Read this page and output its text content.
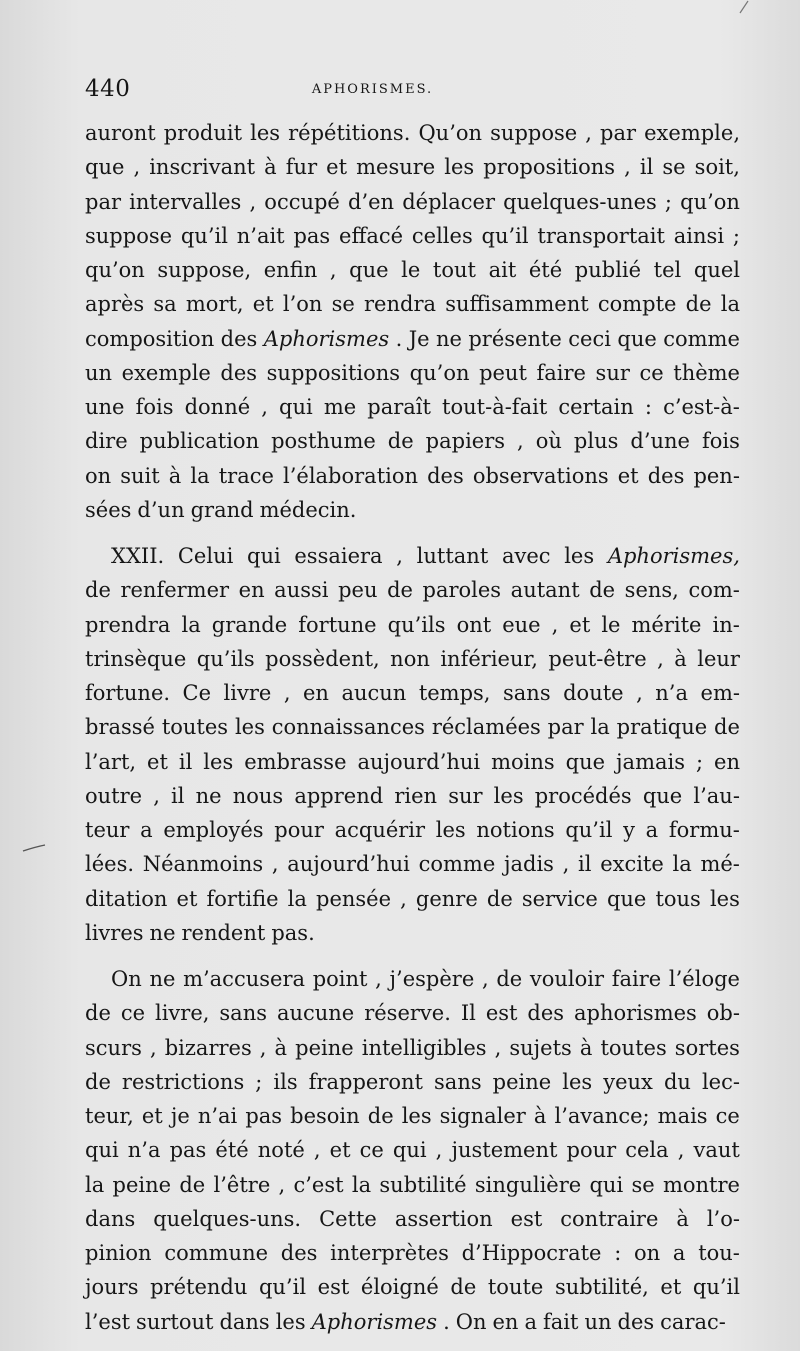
440	APHORISMES.
auront produit les répétitions. Qu’on suppose , par exemple,
que , inscrivant à fur et mesure les propositions , il se soit,
par intervalles , occupé d’en déplacer quelques-unes ; qu’on
suppose qu’il n’ait pas effacé celles qu’il transportait ainsi ;
qu’on suppose, enfin , que le tout ait été publié tel quel
après sa mort, et l’on se rendra suffisamment compte de la
composition des Aphorismes . Je ne présente ceci que comme
un exemple des suppositions qu’on peut faire sur ce thème
une fois donné , qui me paraît tout-à-fait certain : c’est-à-
dire publication posthume de papiers , où plus d’une fois
on suit à la trace l’élaboration des observations et des pen-
sées d’un grand médecin.
XXII. Celui qui essaiera , luttant avec les Aphorismes,
de renfermer en aussi peu de paroles autant de sens, com-
prendra la grande fortune qu’ils ont eue , et le mérite in-
trinsèque qu’ils possèdent, non inférieur, peut-être , à leur
fortune. Ce livre , en aucun temps, sans doute , n’a em-
brassé toutes les connaissances réclamées par la pratique de
l’art, et il les embrasse aujourd’hui moins que jamais ; en
outre , il ne nous apprend rien sur les procédés que l’au-
teur a employés pour acquérir les notions qu’il y a formu-
lées. Néanmoins , aujourd’hui comme jadis , il excite la mé-
ditation et fortifie la pensée , genre de service que tous les
livres ne rendent pas.
On ne m’accusera point , j’espère , de vouloir faire l’éloge
de ce livre, sans aucune réserve. Il est des aphorismes ob-
scurs , bizarres , à peine intelligibles , sujets à toutes sortes
de restrictions ; ils frapperont sans peine les yeux du lec-
teur, et je n’ai pas besoin de les signaler à l’avance; mais ce
qui n’a pas été noté , et ce qui , justement pour cela , vaut
la peine de l’être , c’est la subtilité singulière qui se montre
dans quelques-uns. Cette assertion est contraire à l’o-
pinion commune des interprètes d’Hippocrate : on a tou-
jours prétendu qu’il est éloigné de toute subtilité, et qu’il
l’est surtout dans les Aphorismes . On en a fait un des carac-
